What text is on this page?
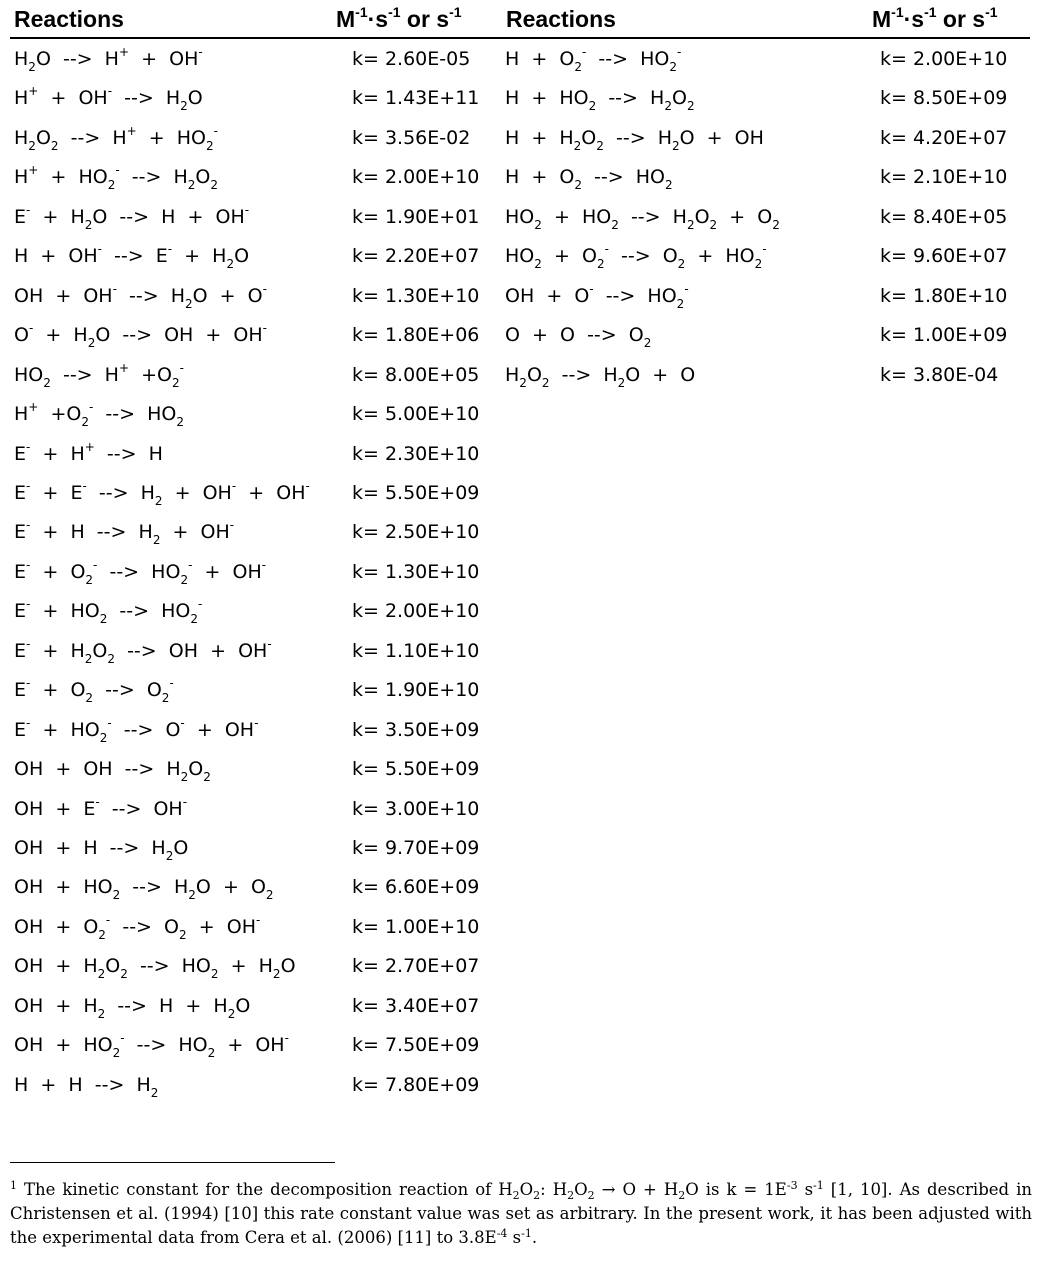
Reactions	$M^{-1}\cdot s^{-1}$ or $s^{-1}$ Reactions	$M^{-1}\cdot s^{-1}$ or $s^{-1}$
$H_2O$  -->  H+  +  OH-	k= 2.60E-05
H+  +  OH-  -->  $H_2O$	k= 1.43E+11
$H_2O_2$  -->  $H^+ + HO_2^-$	k= 3.56E-02
$H^+ + HO_2^-$  -->  $H_2O_2$	k= 2.00E+10
$E^- + H_2O$  -->  H  +  OH-	k= 1.90E+01
H  +  OH-  -->  $E^- + H_2O$	k= 2.20E+07
OH  +  OH-  -->  $H_2O + O^-$	k= 1.30E+10
$O^- + H_2O$  -->  OH  +  OH-	k= 1.80E+06
$HO_2$  -->  $H^+ +O_2^-$	k= 8.00E+05
$H^+ +O_2^-$  -->  $HO_2$	k= 5.00E+10
E-  +  H+  -->  H	k= 2.30E+10
E-  +  E-  -->  $H_2 + OH^- + OH^-$ k= 5.50E+09
E-  +  H  -->  $H_2 + OH^-$	k= 2.50E+10
$E^- + O_2^-$  -->  $HO_2^- + OH^-$	k= 1.30E+10
$E^- + HO_2$  -->  $HO_2^-$	k= 2.00E+10
$E^- + H_2O_2$  -->  OH  +  OH-	k= 1.10E+10
$E^- + O_2$  -->  $O_2^-$	k= 1.90E+10
$E^- + HO_2^-$  -->  O-  +  OH-	k= 3.50E+09
OH  +  OH  -->  $H_2O_2$	k= 5.50E+09
OH  +  E-  -->  OH-	k= 3.00E+10
OH  +  H  -->  $H_2O$	k= 9.70E+09
OH  +  $HO_2$  -->  $H_2O + O_2$	k= 6.60E+09
OH  +  $O_2^-$  -->  $O_2 + OH^-$	k= 1.00E+10
OH  +  $H_2O_2$  -->  $HO_2 + H_2O$	k= 2.70E+07
OH  +  $H_2$  -->  $H + H_2O$	k= 3.40E+07
OH  +  $HO_2^-$  -->  $HO_2 + OH^-$	k= 7.50E+09
H  +  H  -->  $H_2$	k= 7.80E+09
$H + O_2^-$  -->  $HO_2^-$	k= 2.00E+10
$H + HO_2$  -->  $H_2O_2$	k= 8.50E+09
$H + H_2O_2$  -->  $H_2O$  +  OH	k= 4.20E+07
$H + O_2$  -->  $HO_2$	k= 2.10E+10
$HO_2 + HO_2$  -->  $H_2O_2 + O_2$	k= 8.40E+05
$HO_2 + O_2^-$  -->  $O_2 + HO_2^-$	k= 9.60E+07
OH  +  O-  -->  $HO_2^-$	k= 1.80E+10
O  +  O  -->  $O_2$	k= 1.00E+09
$H_2O_2$  -->  $H_2O + O$	k= 3.80E-04
$^1$ The kinetic constant for the decomposition reaction of $H_2O_2$: $H_2O_2 \to O + H_2O$ is $k = 1E^{-3}$ $s^{-1}$ [1, 10]. As described in Christensen et al. (1994) [10] this rate constant value was set as arbitrary. In the present work, it has been adjusted with the experimental data from Cera et al. (2006) [11] to $3.8E^{-4}$ $s^{-1}$.
